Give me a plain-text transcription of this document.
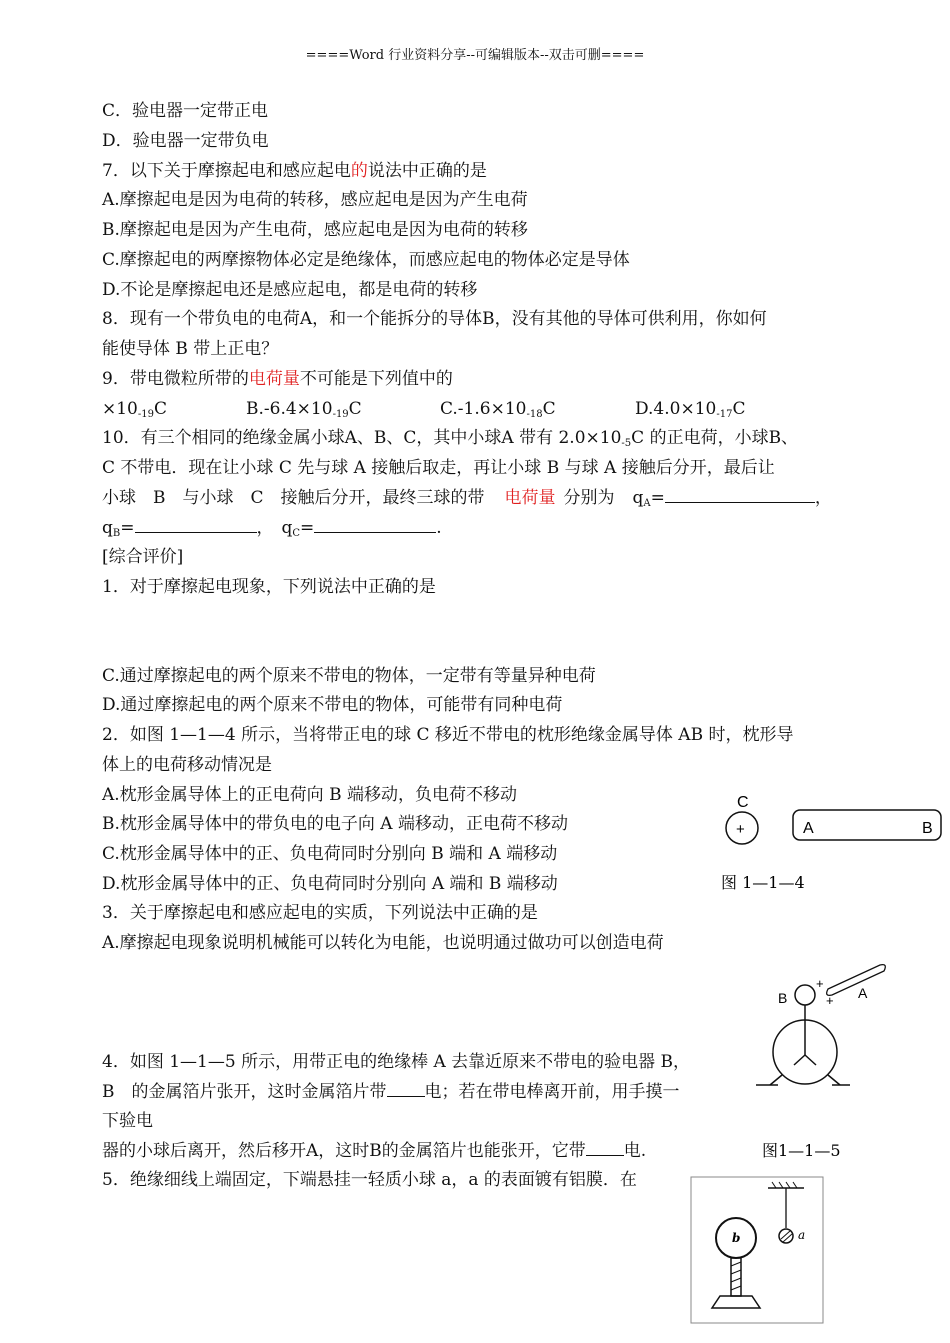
====Word 行业资料分享--可编辑版本--双击可删====
C．验电器一定带正电
D．验电器一定带负电
7．以下关于摩擦起电和感应起电的说法中正确的是
A.摩擦起电是因为电荷的转移，感应起电是因为产生电荷
B.摩擦起电是因为产生电荷，感应起电是因为电荷的转移
C.摩擦起电的两摩擦物体必定是绝缘体，而感应起电的物体必定是导体
D.不论是摩擦起电还是感应起电，都是电荷的转移
8．现有一个带负电的电荷A，和一个能拆分的导体B，没有其他的导体可供利用，你如何
能使导体 B 带上正电？
9．带电微粒所带的电荷量不可能是下列值中的
×10-19C	B.-6.4×10-19C	C.-1.6×10-18C	D.4.0×10-17C
10．有三个相同的绝缘金属小球A、B、C，其中小球A 带有 2.0×10-5C 的正电荷，小球B、
C 不带电．现在让小球 C 先与球 A 接触后取走，再让小球 B 与球 A 接触后分开，最后让
小球　B　与小球　C　接触后分开，最终三球的带 电荷量 分别为 qA=	，
qB=	， qC=	.
[综合评价]
1．对于摩擦起电现象，下列说法中正确的是
C.通过摩擦起电的两个原来不带电的物体，一定带有等量异种电荷
D.通过摩擦起电的两个原来不带电的物体，可能带有同种电荷
2．如图 1—1—4 所示，当将带正电的球 C 移近不带电的枕形绝缘金属导体 AB 时，枕形导
体上的电荷移动情况是
A.枕形金属导体上的正电荷向 B 端移动，负电荷不移动
B.枕形金属导体中的带负电的电子向 A 端移动，正电荷不移动
C.枕形金属导体中的正、负电荷同时分别向 B 端和 A 端移动
D.枕形金属导体中的正、负电荷同时分别向 A 端和 B 端移动
3．关于摩擦起电和感应起电的实质，下列说法中正确的是
A.摩擦起电现象说明机械能可以转化为电能，也说明通过做功可以创造电荷
4．如图 1—1—5 所示，用带正电的绝缘棒 A 去靠近原来不带电的验电器 B，
B　的金属箔片张开，这时金属箔片带 电；若在带电棒离开前，用手摸一
下验电
器的小球后离开，然后移开A，这时B的金属箔片也能张开，它带 电.
5．绝缘细线上端固定，下端悬挂一轻质小球 a，a 的表面镀有铝膜．在
C
+	A	B
图 1—1—4
B
+
+ A
图1—1—5
a
b
